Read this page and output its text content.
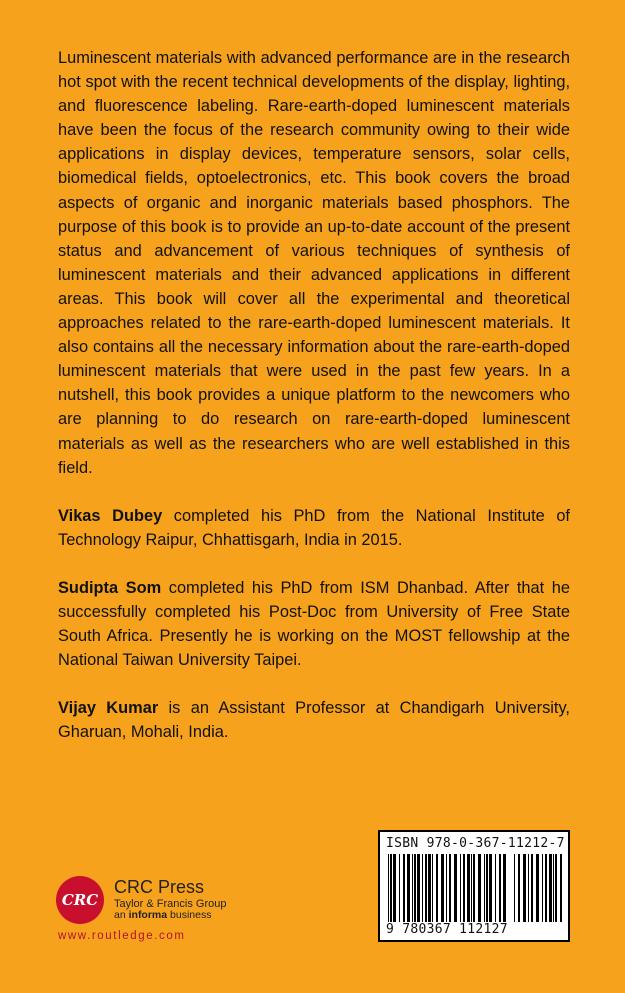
Luminescent materials with advanced performance are in the research hot spot with the recent technical developments of the display, lighting, and fluorescence labeling. Rare-earth-doped luminescent materials have been the focus of the research community owing to their wide applications in display devices, temperature sensors, solar cells, biomedical fields, optoelectronics, etc. This book covers the broad aspects of organic and inorganic materials based phosphors. The purpose of this book is to provide an up-to-date account of the present status and advancement of various techniques of synthesis of luminescent materials and their advanced applications in different areas. This book will cover all the experimental and theoretical approaches related to the rare-earth-doped luminescent materials. It also contains all the necessary information about the rare-earth-doped luminescent materials that were used in the past few years. In a nutshell, this book provides a unique platform to the newcomers who are planning to do research on rare-earth-doped luminescent materials as well as the researchers who are well established in this field.

Vikas Dubey completed his PhD from the National Institute of Technology Raipur, Chhattisgarh, India in 2015.

Sudipta Som completed his PhD from ISM Dhanbad. After that he successfully completed his Post-Doc from University of Free State South Africa. Presently he is working on the MOST fellowship at the National Taiwan University Taipei.

Vijay Kumar is an Assistant Professor at Chandigarh University, Gharuan, Mohali, India.

CRC
CRC Press
Taylor & Francis Group
an informa business
www.routledge.com
ISBN 978-0-367-11212-7
9 780367 112127
